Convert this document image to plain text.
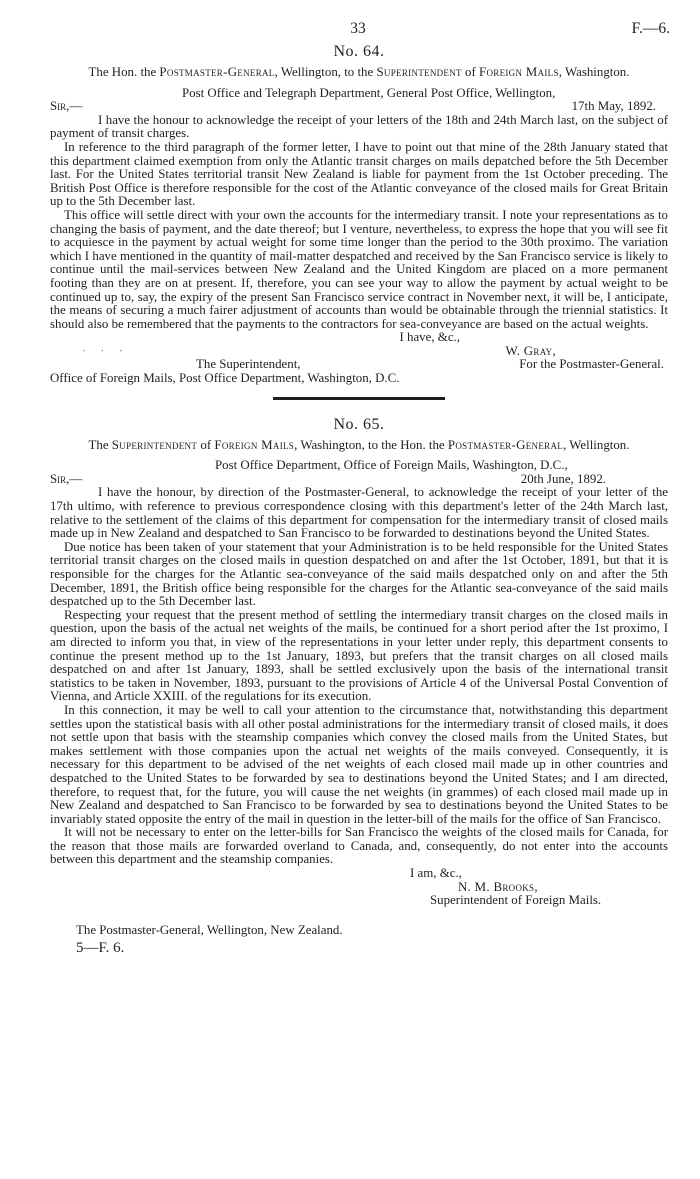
33	F.—6.
No. 64.

The Hon. the Postmaster-General, Wellington, to the Superintendent of Foreign Mails, Washington.

Post Office and Telegraph Department, General Post Office, Wellington,
Sir,—	17th May, 1892.

I have the honour to acknowledge the receipt of your letters of the 18th and 24th March last, on the subject of payment of transit charges.

In reference to the third paragraph of the former letter, I have to point out that mine of the 28th January stated that this department claimed exemption from only the Atlantic transit charges on mails depatched before the 5th December last. For the United States territorial transit New Zealand is liable for payment from the 1st October preceding. The British Post Office is therefore responsible for the cost of the Atlantic conveyance of the closed mails for Great Britain up to the 5th December last.

This office will settle direct with your own the accounts for the intermediary transit. I note your representations as to changing the basis of payment, and the date thereof; but I venture, nevertheless, to express the hope that you will see fit to acquiesce in the payment by actual weight for some time longer than the period to the 30th proximo. The variation which I have mentioned in the quantity of mail-matter despatched and received by the San Francisco service is likely to continue until the mail-services between New Zealand and the United Kingdom are placed on a more permanent footing than they are on at present. If, therefore, you can see your way to allow the payment by actual weight to be continued up to, say, the expiry of the present San Francisco service contract in November next, it will be, I anticipate, the means of securing a much fairer adjustment of accounts than would be obtainable through the triennial statistics. It should also be remembered that the payments to the contractors for sea-conveyance are based on the actual weights.

I have, &c.,

···	W. Gray,

The Superintendent,	For the Postmaster-General.
Office of Foreign Mails, Post Office Department, Washington, D.C.
No. 65.

The Superintendent of Foreign Mails, Washington, to the Hon. the Postmaster-General, Wellington.

Post Office Department, Office of Foreign Mails, Washington, D.C.,
Sir,—	20th June, 1892.

I have the honour, by direction of the Postmaster-General, to acknowledge the receipt of your letter of the 17th ultimo, with reference to previous correspondence closing with this department's letter of the 24th March last, relative to the settlement of the claims of this department for compensation for the intermediary transit of closed mails made up in New Zealand and despatched to San Francisco to be forwarded to destinations beyond the United States.

Due notice has been taken of your statement that your Administration is to be held responsible for the United States territorial transit charges on the closed mails in question despatched on and after the 1st October, 1891, but that it is responsible for the charges for the Atlantic sea-conveyance of the said mails despatched only on and after the 5th December, 1891, the British office being responsible for the charges for the Atlantic sea-conveyance of the said mails despatched up to the 5th December last.

Respecting your request that the present method of settling the intermediary transit charges on the closed mails in question, upon the basis of the actual net weights of the mails, be continued for a short period after the 1st proximo, I am directed to inform you that, in view of the representations in your letter under reply, this department consents to continue the present method up to the 1st January, 1893, but prefers that the transit charges on all closed mails despatched on and after 1st January, 1893, shall be settled exclusively upon the basis of the international transit statistics to be taken in November, 1893, pursuant to the provisions of Article 4 of the Universal Postal Convention of Vienna, and Article XXIII. of the regulations for its execution.

In this connection, it may be well to call your attention to the circumstance that, notwithstanding this department settles upon the statistical basis with all other postal administrations for the intermediary transit of closed mails, it does not settle upon that basis with the steamship companies which convey the closed mails from the United States, but makes settlement with those companies upon the actual net weights of the mails conveyed. Consequently, it is necessary for this department to be advised of the net weights of each closed mail made up in other countries and despatched to the United States to be forwarded by sea to destinations beyond the United States; and I am directed, therefore, to request that, for the future, you will cause the net weights (in grammes) of each closed mail made up in New Zealand and despatched to San Francisco to be forwarded by sea to destinations beyond the United States to be invariably stated opposite the entry of the mail in question in the letter-bill of the mails for the office of San Francisco.

It will not be necessary to enter on the letter-bills for San Francisco the weights of the closed mails for Canada, for the reason that those mails are forwarded overland to Canada, and, consequently, do not enter into the accounts between this department and the steamship companies.

I am, &c.,

N. M. Brooks,

Superintendent of Foreign Mails.

The Postmaster-General, Wellington, New Zealand.
5—F. 6.
